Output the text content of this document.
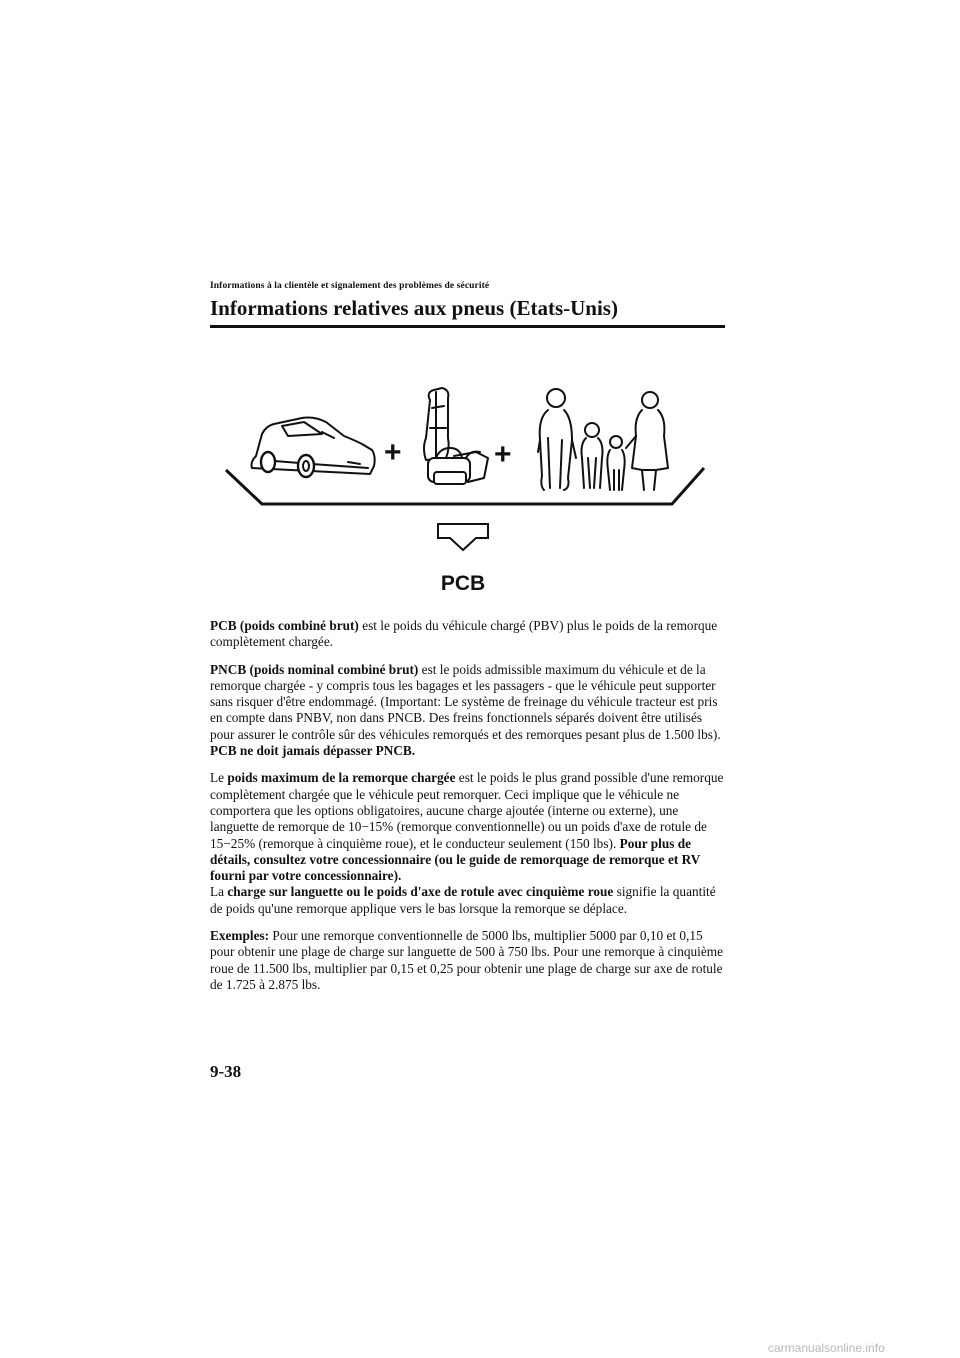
Informations à la clientèle et signalement des problèmes de sécurité
Informations relatives aux pneus (Etats-Unis)
+	+
PCB

PCB (poids combiné brut) est le poids du véhicule chargé (PBV) plus le poids de la remorque complètement chargée.

PNCB (poids nominal combiné brut) est le poids admissible maximum du véhicule et de la remorque chargée - y compris tous les bagages et les passagers - que le véhicule peut supporter sans risquer d'être endommagé. (Important: Le système de freinage du véhicule tracteur est pris en compte dans PNBV, non dans PNCB. Des freins fonctionnels séparés doivent être utilisés pour assurer le contrôle sûr des véhicules remorqués et des remorques pesant plus de 1.500 lbs). PCB ne doit jamais dépasser PNCB.

Le poids maximum de la remorque chargée est le poids le plus grand possible d'une remorque complètement chargée que le véhicule peut remorquer. Ceci implique que le véhicule ne comportera que les options obligatoires, aucune charge ajoutée (interne ou externe), une languette de remorque de 10−15% (remorque conventionnelle) ou un poids d'axe de rotule de 15−25% (remorque à cinquième roue), et le conducteur seulement (150 lbs). Pour plus de détails, consultez votre concessionnaire (ou le guide de remorquage de remorque et RV fourni par votre concessionnaire).

La charge sur languette ou le poids d'axe de rotule avec cinquième roue signifie la quantité de poids qu'une remorque applique vers le bas lorsque la remorque se déplace.

Exemples: Pour une remorque conventionnelle de 5000 lbs, multiplier 5000 par 0,10 et 0,15 pour obtenir une plage de charge sur languette de 500 à 750 lbs. Pour une remorque à cinquième roue de 11.500 lbs, multiplier par 0,15 et 0,25 pour obtenir une plage de charge sur axe de rotule de 1.725 à 2.875 lbs.

9-38
carmanualsonline.info
